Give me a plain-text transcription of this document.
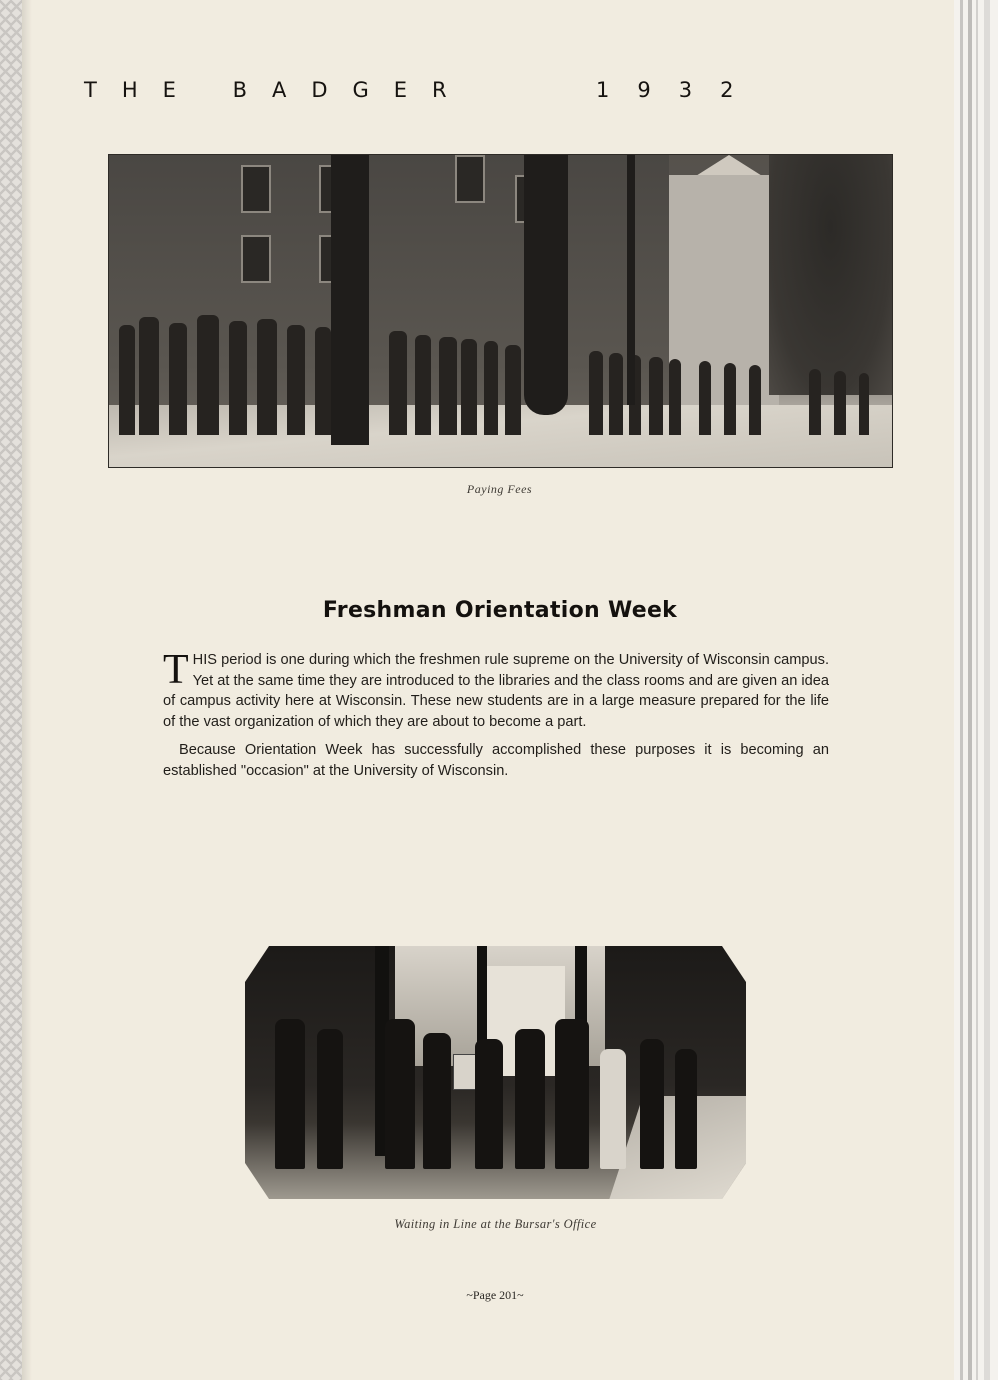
THE BADGER	1932
Paying Fees
Freshman Orientation Week

THIS period is one during which the freshmen rule supreme on the University of Wisconsin campus. Yet at the same time they are introduced to the libraries and the class rooms and are given an idea of campus activity here at Wisconsin. These new students are in a large measure prepared for the life of the vast organization of which they are about to become a part.

Because Orientation Week has successfully accomplished these purposes it is becoming an established "occasion" at the University of Wisconsin.

Waiting in Line at the Bursar's Office
~Page 201~
